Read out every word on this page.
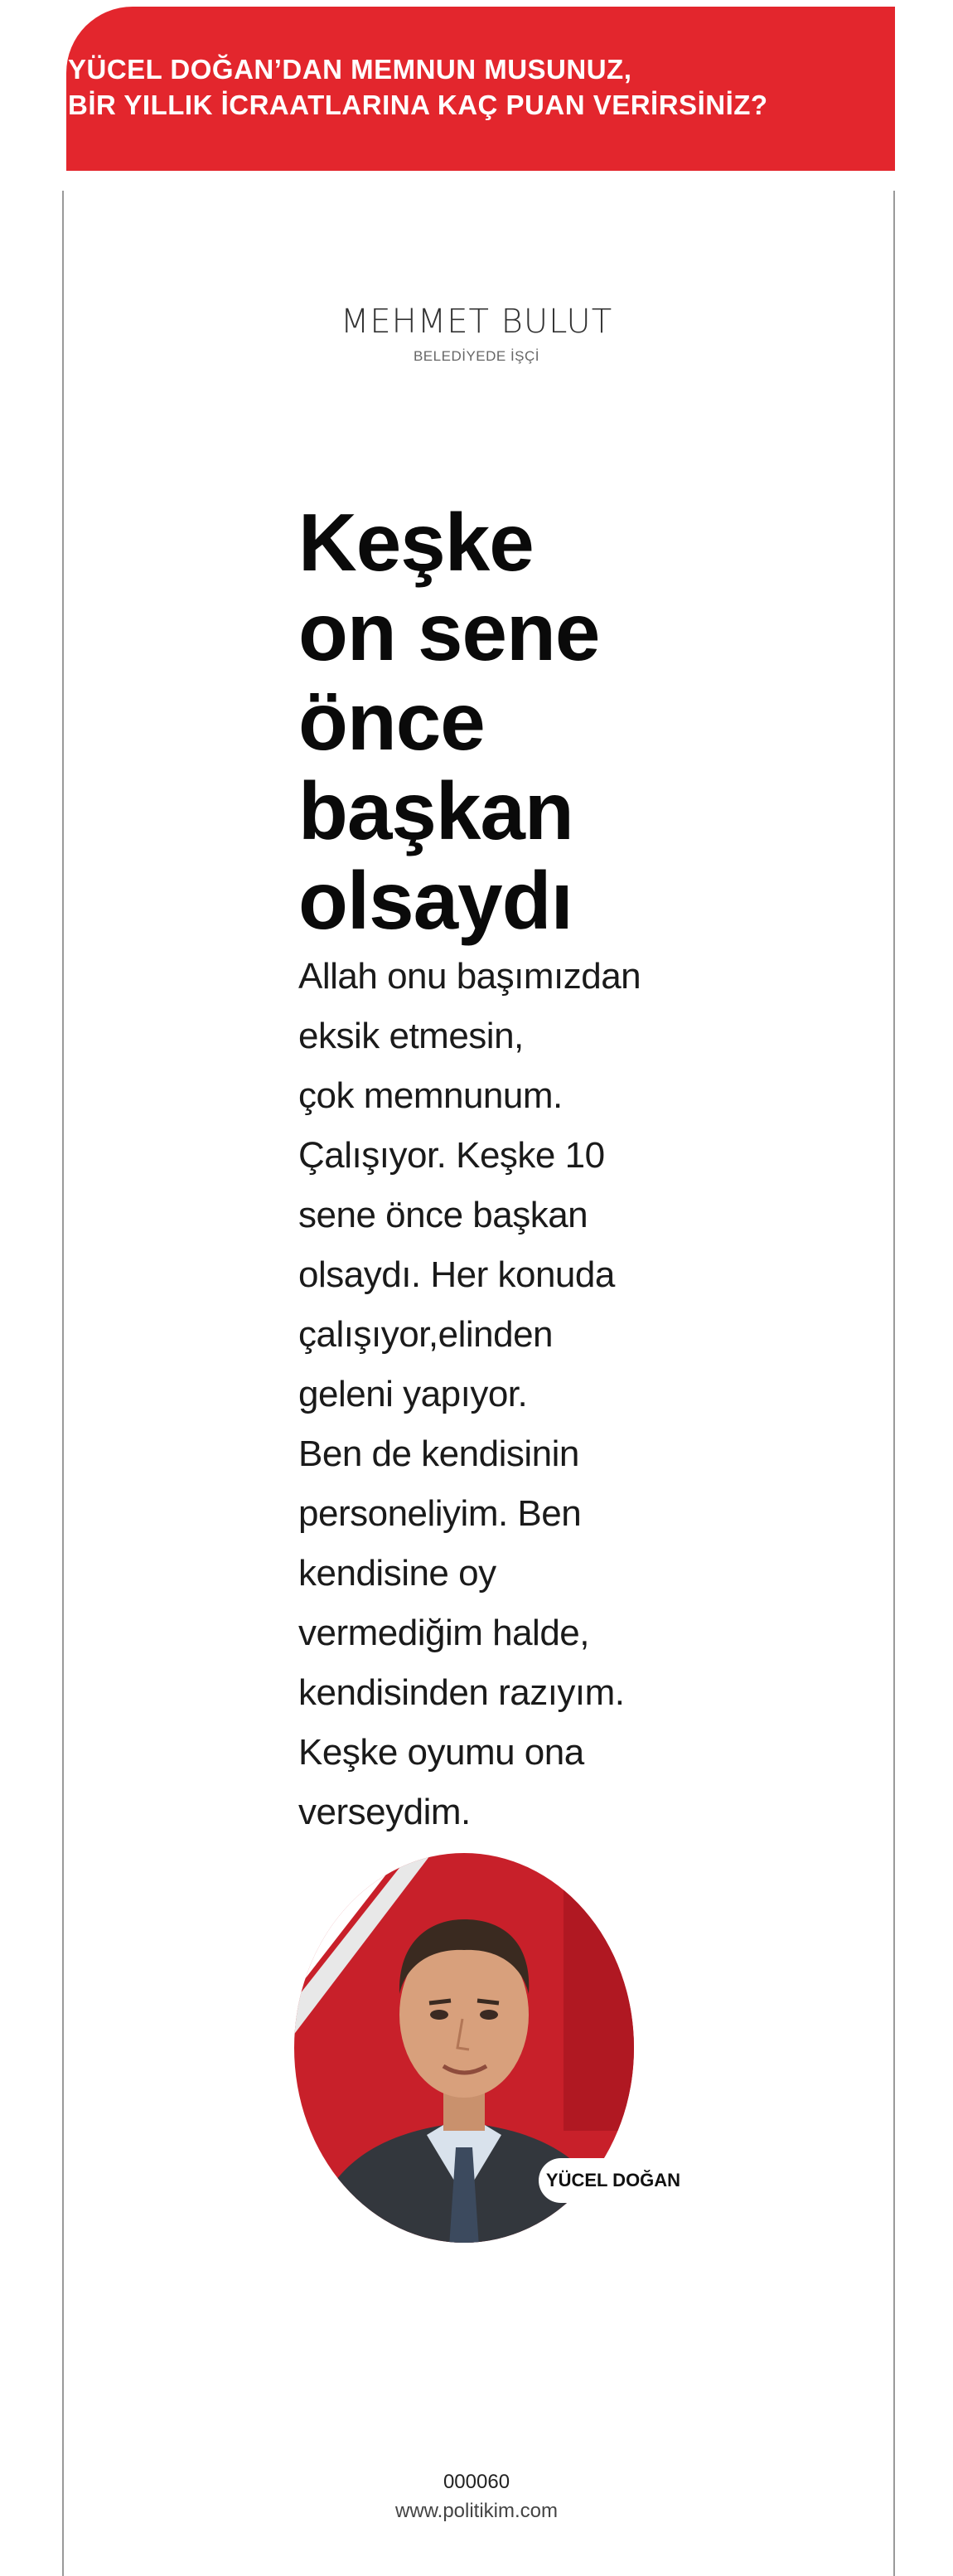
YÜCEL DOĞAN’DAN MEMNUN MUSUNUZ,
BİR YILLIK İCRAATLARINA KAÇ PUAN VERİRSİNİZ?
MEHMET BULUT
BELEDİYEDE İŞÇİ
Keşke
on sene
önce
başkan
olsaydı
Allah onu başımızdan
eksik etmesin,
çok memnunum.
Çalışıyor. Keşke 10
sene önce başkan
olsaydı. Her konuda
çalışıyor,elinden
geleni yapıyor.
Ben de kendisinin
personeliyim. Ben
kendisine oy
vermediğim halde,
kendisinden razıyım.
Keşke oyumu ona
verseydim.
YÜCEL DOĞAN
000060
www.politikim.com
